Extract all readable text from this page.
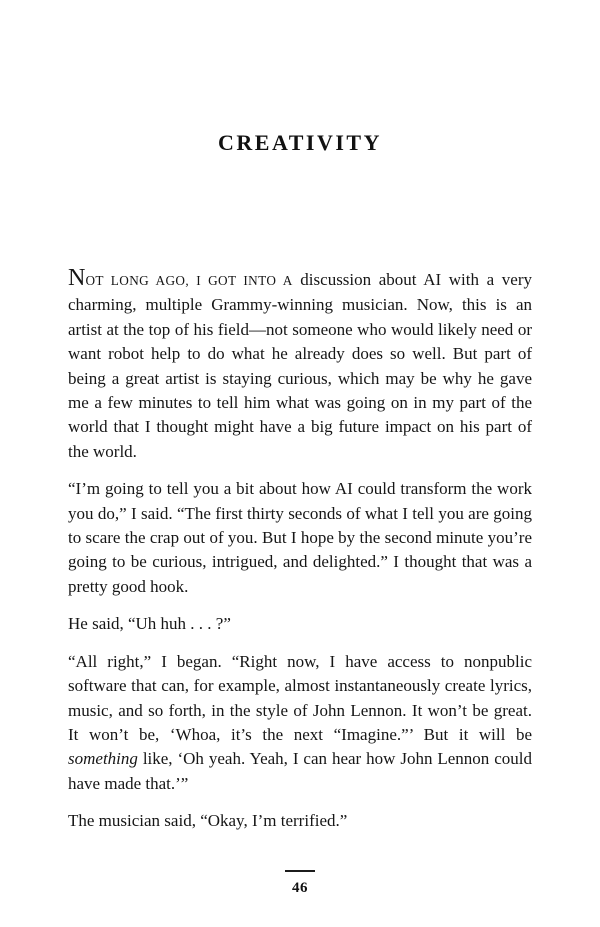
CREATIVITY

NOT LONG AGO, I GOT INTO A discussion about AI with a very charming, multiple Grammy-winning musician. Now, this is an artist at the top of his field—not someone who would likely need or want robot help to do what he already does so well. But part of being a great artist is staying curious, which may be why he gave me a few minutes to tell him what was going on in my part of the world that I thought might have a big future impact on his part of the world.

“I’m going to tell you a bit about how AI could transform the work you do,” I said. “The first thirty seconds of what I tell you are going to scare the crap out of you. But I hope by the second minute you’re going to be curious, intrigued, and delighted.” I thought that was a pretty good hook.

He said, “Uh huh . . . ?”

“All right,” I began. “Right now, I have access to nonpublic software that can, for example, almost instantaneously create lyrics, music, and so forth, in the style of John Lennon. It won’t be great. It won’t be, ‘Whoa, it’s the next “Imagine.”’ But it will be something like, ‘Oh yeah. Yeah, I can hear how John Lennon could have made that.’”

The musician said, “Okay, I’m terrified.”

46
